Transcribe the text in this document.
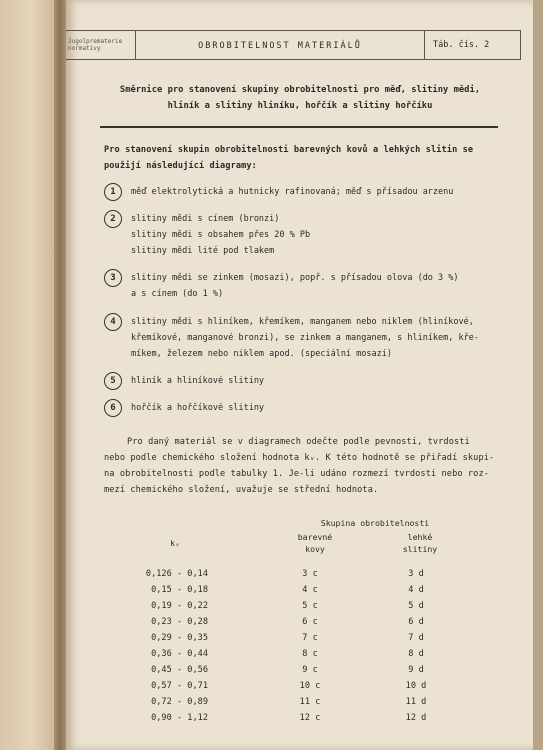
Jugolprematerie
normativy	OBROBITELNOST MATERIÁLŮ	Táb. čís. 2
Směrnice pro stanovení skupiny obrobitelnosti pro měď, slitiny mědi,
hliník a slitiny hliníku, hořčík a slitiny hořčíku
Pro stanovení skupin obrobitelnosti barevných kovů a lehkých slitin se
použijí následující diagramy:
1	měď elektrolytická a hutnicky rafinovaná; měď s přísadou arzenu
2	slitiny mědi s cínem (bronzi)
slitiny mědi s obsahem přes 20 % Pb
slitiny mědi lité pod tlakem
3	slitiny mědi se zinkem (mosazi), popř. s přísadou olova (do 3 %)
a s cínem (do 1 %)
4	slitiny mědi s hliníkem, křemíkem, manganem nebo niklem (hliníkové,
křemíkové, manganové bronzi), se zinkem a manganem, s hliníkem, kře-
míkem, železem nebo niklem apod. (speciální mosazi)
5	hliník a hliníkové slitiny
6	hořčík a hořčíkové slitiny
Pro daný materiál se v diagramech odečte podle pevnosti, tvrdosti
nebo podle chemického složení hodnota kᵥ. K této hodnotě se přiřadí skupi-
na obrobitelnosti podle tabulky 1. Je-li udáno rozmezí tvrdosti nebo roz-
mezí chemického složení, uvažuje se střední hodnota.
Skupina obrobitelnosti
kᵥ
barevné
kovy
lehké
slitiny
0,126 - 0,14	3 c	3 d
0,15 - 0,18	4 c	4 d
0,19 - 0,22	5 c	5 d
0,23 - 0,28	6 c	6 d
0,29 - 0,35	7 c	7 d
0,36 - 0,44	8 c	8 d
0,45 - 0,56	9 c	9 d
0,57 - 0,71	10 c	10 d
0,72 - 0,89	11 c	11 d
0,90 - 1,12	12 c	12 d
